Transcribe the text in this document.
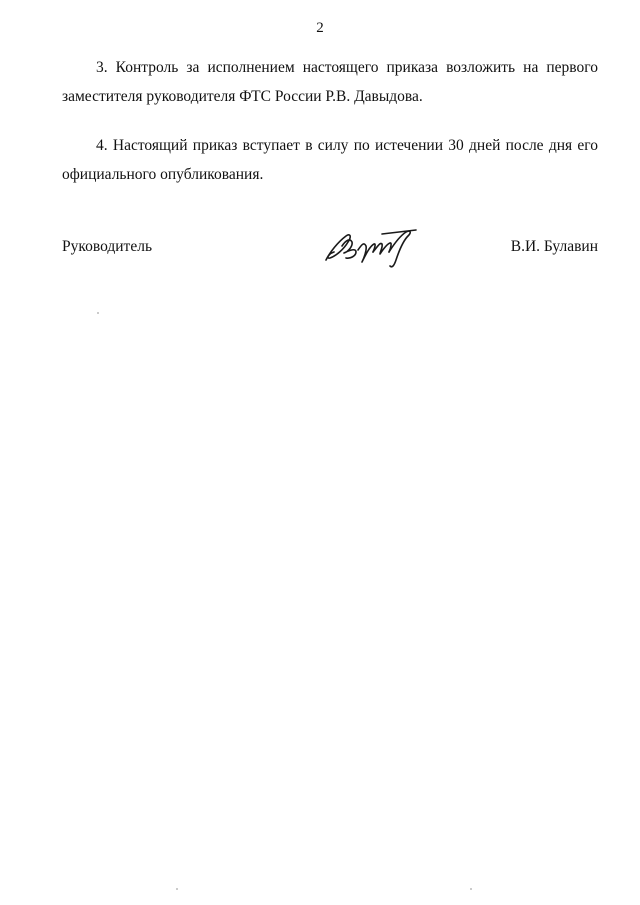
2

3. Контроль за исполнением настоящего приказа возложить на первого
заместителя руководителя ФТС России Р.В. Давыдова.

4. Настоящий приказ вступает в силу по истечении 30 дней после дня его
официального опубликования.

Руководитель	В.И. Булавин
